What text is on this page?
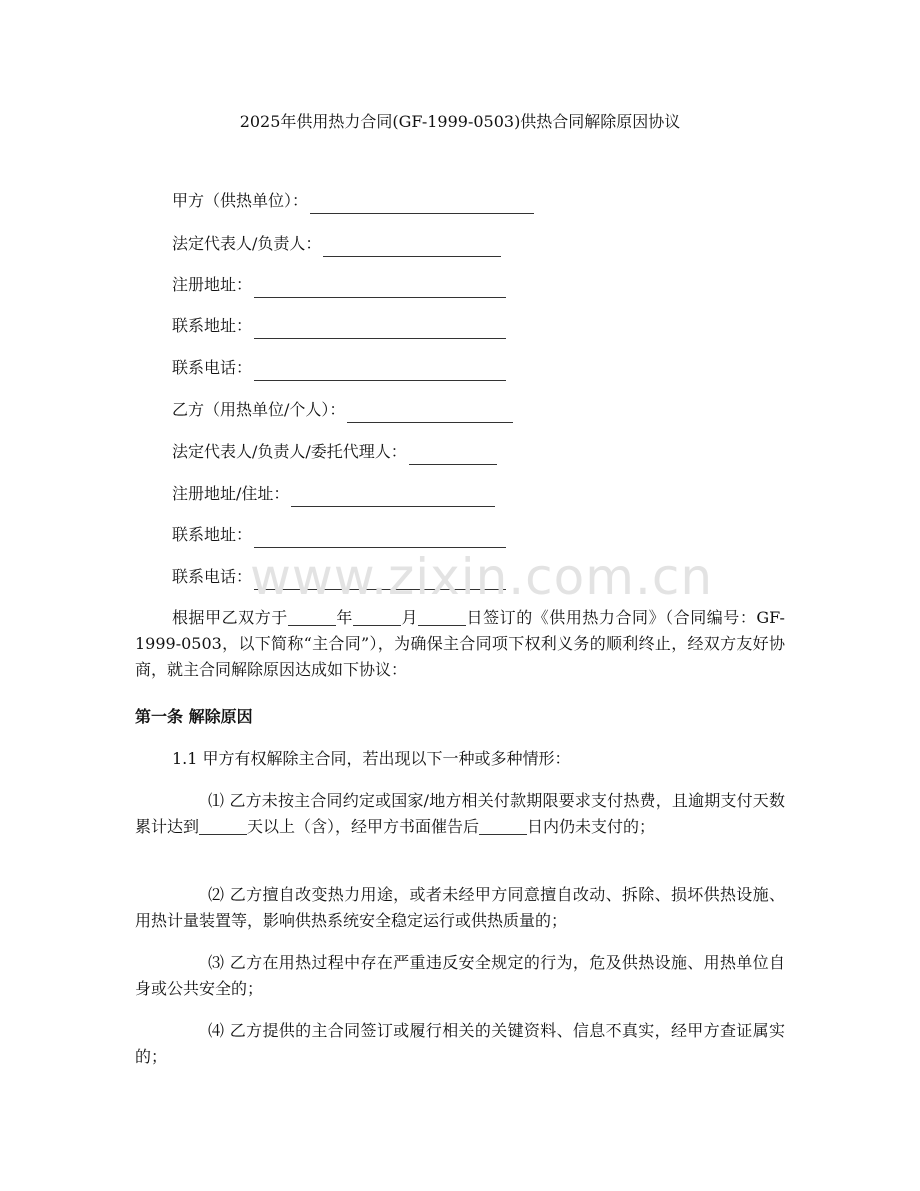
2025年供用热力合同(GF-1999-0503)供热合同解除原因协议
甲方（供热单位）：
法定代表人/负责人：
注册地址：
联系地址：
联系电话：
乙方（用热单位/个人）：
法定代表人/负责人/委托代理人：
注册地址/住址：
联系地址：
联系电话：

根据甲乙双方于	年	月	日签订的《供用热力合同》（合同编号：GF-1999-0503，以下简称“主合同”），为确保主合同项下权利义务的顺利终止，经双方友好协商，就主合同解除原因达成如下协议：

第一条 解除原因

1.1 甲方有权解除主合同，若出现以下一种或多种情形：

⑴ 乙方未按主合同约定或国家/地方相关付款期限要求支付热费，且逾期支付天数累计达到	天以上（含），经甲方书面催告后	日内仍未支付的；

⑵ 乙方擅自改变热力用途，或者未经甲方同意擅自改动、拆除、损坏供热设施、用热计量装置等，影响供热系统安全稳定运行或供热质量的；

⑶ 乙方在用热过程中存在严重违反安全规定的行为，危及供热设施、用热单位自身或公共安全的；

⑷ 乙方提供的主合同签订或履行相关的关键资料、信息不真实，经甲方查证属实的；

www.zixin.com.cn
